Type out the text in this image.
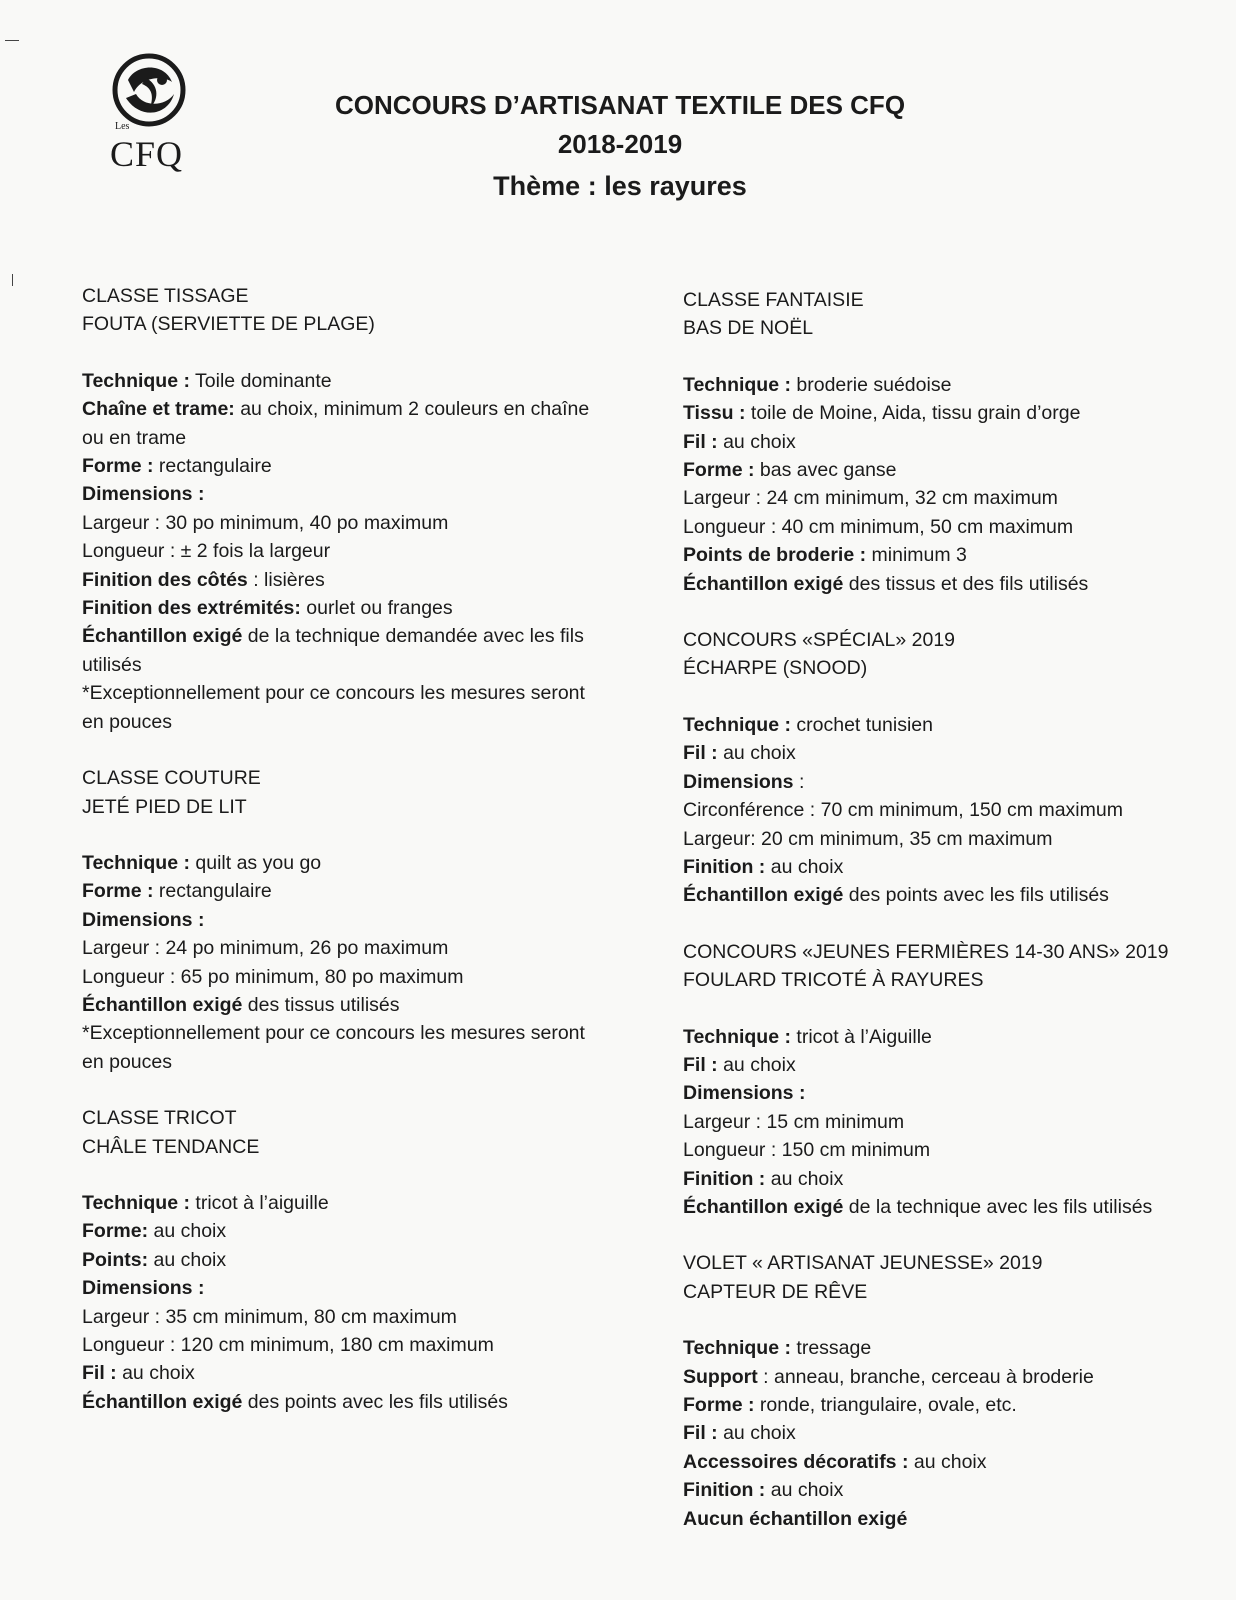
Les
CFQ
CONCOURS D’ARTISANAT TEXTILE DES CFQ
2018-2019
Thème : les rayures
CLASSE TISSAGE
FOUTA (SERVIETTE DE PLAGE)
Technique : Toile dominante
Chaîne et trame: au choix, minimum 2 couleurs en chaîne ou en trame
Forme : rectangulaire
Dimensions :
Largeur : 30 po minimum, 40 po maximum
Longueur : ± 2 fois la largeur
Finition des côtés : lisières
Finition des extrémités: ourlet ou franges
Échantillon exigé de la technique demandée avec les fils utilisés
*Exceptionnellement pour ce concours les mesures seront en pouces
CLASSE COUTURE
JETÉ PIED DE LIT
Technique : quilt as you go
Forme : rectangulaire
Dimensions :
Largeur : 24 po minimum, 26 po maximum
Longueur : 65 po minimum, 80 po maximum
Échantillon exigé des tissus utilisés
*Exceptionnellement pour ce concours les mesures seront en pouces
CLASSE TRICOT
CHÂLE TENDANCE
Technique : tricot à l’aiguille
Forme: au choix
Points: au choix
Dimensions :
Largeur : 35 cm minimum, 80 cm maximum
Longueur : 120 cm minimum, 180 cm maximum
Fil : au choix
Échantillon exigé des points avec les fils utilisés
CLASSE FANTAISIE
BAS DE NOËL
Technique : broderie suédoise
Tissu : toile de Moine, Aida, tissu grain d’orge
Fil : au choix
Forme : bas avec ganse
Largeur : 24 cm minimum, 32 cm maximum
Longueur : 40 cm minimum, 50 cm maximum
Points de broderie : minimum 3
Échantillon exigé des tissus et des fils utilisés
CONCOURS «SPÉCIAL» 2019
ÉCHARPE (SNOOD)
Technique : crochet tunisien
Fil : au choix
Dimensions :
Circonférence : 70 cm minimum, 150 cm maximum
Largeur: 20 cm minimum, 35 cm maximum
Finition : au choix
Échantillon exigé des points avec les fils utilisés
CONCOURS «JEUNES FERMIÈRES 14-30 ANS» 2019
FOULARD TRICOTÉ À RAYURES
Technique : tricot à l’Aiguille
Fil : au choix
Dimensions :
Largeur : 15 cm minimum
Longueur : 150 cm minimum
Finition : au choix
Échantillon exigé de la technique avec les fils utilisés
VOLET « ARTISANAT JEUNESSE» 2019
CAPTEUR DE RÊVE
Technique : tressage
Support : anneau, branche, cerceau à broderie
Forme : ronde, triangulaire, ovale, etc.
Fil : au choix
Accessoires décoratifs : au choix
Finition : au choix
Aucun échantillon exigé
